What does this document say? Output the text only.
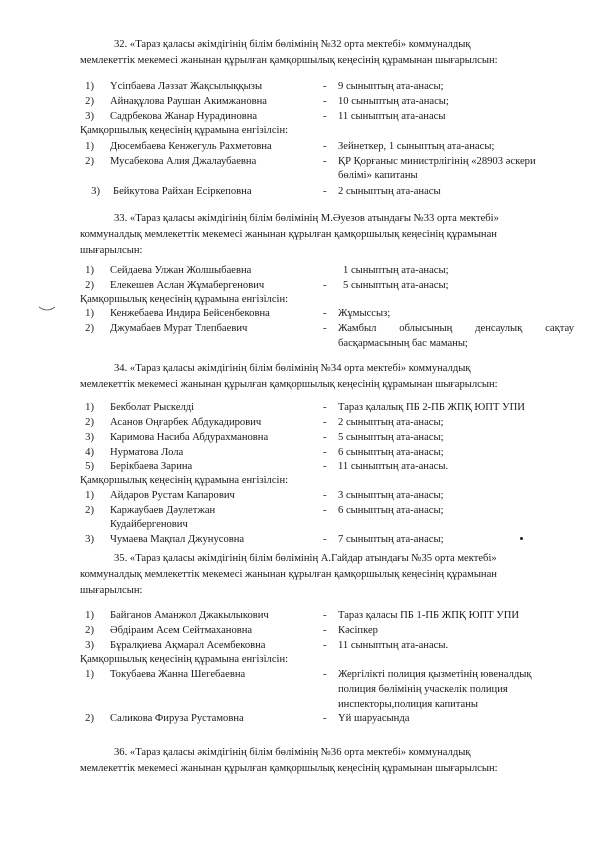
32. «Тараз қаласы әкімдігінің білім бөлімінің №32 орта мектебі» коммуналдық
мемлекеттік мекемесі жанынан құрылған қамқоршылық кеңесінің құрамынан шығарылсын:
1) Үсіпбаева Ләззат Жақсылыққызы	- 9 сыныптың ата-анасы;
2) Айнақұлова Раушан Акимжановна	- 10 сыныптың ата-анасы;
3) Садрбекова Жанар Нурадиновна	- 11 сыныптың ата-анасы
Қамқоршылық кеңесінің құрамына енгізілсін:
1) Дюсембаева Кенжегуль Рахметовна	- Зейнеткер, 1 сыныптың ата-анасы;
2) Мусабекова Алия Джалаубаевна	- ҚР Қорғаныс министрлігінің «28903 әскери
бөлімі» капитаны
3) Бейкутова Райхан Есіркеповна	- 2 сыныптың ата-анасы
33. «Тараз қаласы әкімдігінің білім бөлімінің М.Әуезов атындағы №33 орта мектебі»
коммуналдық мемлекеттік мекемесі жанынан құрылған қамқоршылық кеңесінің құрамынан
шығарылсын:
1) Сейдаева Улжан Жолшыбаевна	1 сыныптың ата-анасы;
2) Елекешев Аслан Жұмабергенович	- 5 сыныптың ата-анасы;
Қамқоршылық кеңесінің құрамына енгізілсін:
1) Кенжебаева Индира Бейсенбековна	- Жұмыссыз;
2) Джумабаев Мурат Тлепбаевич	- Жамбыл облысының денсаулық сақтау
басқармасының бас маманы;
34. «Тараз қаласы әкімдігінің білім бөлімінің №34 орта мектебі» коммуналдық
мемлекеттік мекемесі жанынан құрылған қамқоршылық кеңесінің құрамынан шығарылсын:
1) Бекболат Рыскелді	- Тараз қалалық ПБ 2-ПБ ЖПҚ ЮПТ УПИ
2) Асанов Оңғарбек Абдукадирович	- 2 сыныптың ата-анасы;
3) Каримова Насиба Абдурахмановна	- 5 сыныптың ата-анасы;
4) Нурматова Лола	- 6 сыныптың ата-анасы;
5) Берікбаева Зарина	- 11 сыныптың ата-анасы.
Қамқоршылық кеңесінің құрамына енгізілсін:
1) Айдаров Рустам Капарович	- 3 сыныптың ата-анасы;
2) Каржаубаев Дәулетжан	- 6 сыныптың ата-анасы;
Кудайбергенович
3) Чумаева Мақпал Джунусовна	- 7 сыныптың ата-анасы;
35. «Тараз қаласы әкімдігінің білім бөлімінің А.Гайдар атындағы №35 орта мектебі»
коммуналдық мемлекеттік мекемесі жанынан құрылған қамқоршылық кеңесінің құрамынан
шығарылсын:
1) Байганов Аманжол Джакылыкович	- Тараз қаласы ПБ 1-ПБ ЖПҚ ЮПТ УПИ
2) Әбдіраим Асем Сейтмахановна	- Кәсіпкер
3) Бұралқиева Ақмарал Асембековна	- 11 сыныптың ата-анасы.
Қамқоршылық кеңесінің құрамына енгізілсін:
1) Токубаева Жанна Шегебаевна	- Жергілікті полиция қызметінің ювеналдық
полиция бөлімінің учаскелік полиция
инспекторы,полиция капитаны
2) Саликова Фируза Рустамовна	- Үй шаруасында
36. «Тараз қаласы әкімдігінің білім бөлімінің №36 орта мектебі» коммуналдық
мемлекеттік мекемесі жанынан құрылған қамқоршылық кеңесінің құрамынан шығарылсын:
